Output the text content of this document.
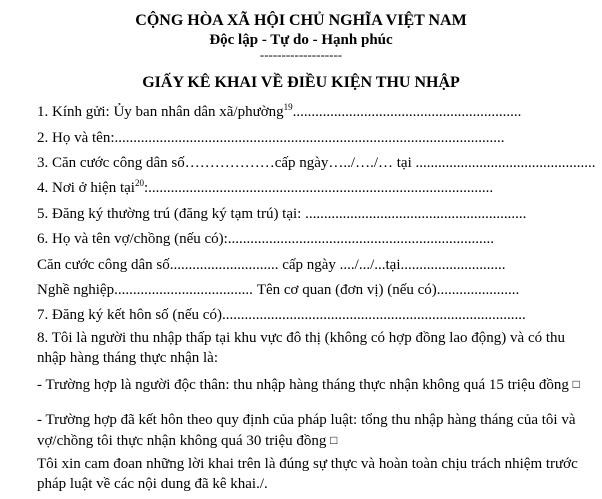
CỘNG HÒA XÃ HỘI CHỦ NGHĨA VIỆT NAM
Độc lập - Tự do - Hạnh phúc
-------------------
GIẤY KÊ KHAI VỀ ĐIỀU KIỆN THU NHẬP
1. Kính gửi: Ủy ban nhân dân xã/phường$^{19}$.............................................................
2. Họ và tên:........................................................................................................
3. Căn cước công dân số………………cấp ngày…../…./… tại ................................................
4. Nơi ở hiện tại$^{20}$:............................................................................................
5. Đăng ký thường trú (đăng ký tạm trú) tại: ...........................................................
6. Họ và tên vợ/chồng (nếu có):.......................................................................
Căn cước công dân số............................. cấp ngày ..../.../...tại............................
Nghề nghiệp..................................... Tên cơ quan (đơn vị) (nếu có)......................
7. Đăng ký kết hôn số (nếu có).................................................................................
8. Tôi là người thu nhập thấp tại khu vực đô thị (không có hợp đồng lao động) và có thu nhập hàng tháng thực nhận là:
- Trường hợp là người độc thân: thu nhập hàng tháng thực nhận không quá 15 triệu đồng □
- Trường hợp đã kết hôn theo quy định của pháp luật: tổng thu nhập hàng tháng của tôi và vợ/chồng tôi thực nhận không quá 30 triệu đồng □
Tôi xin cam đoan những lời khai trên là đúng sự thực và hoàn toàn chịu trách nhiệm trước pháp luật về các nội dung đã kê khai./.
